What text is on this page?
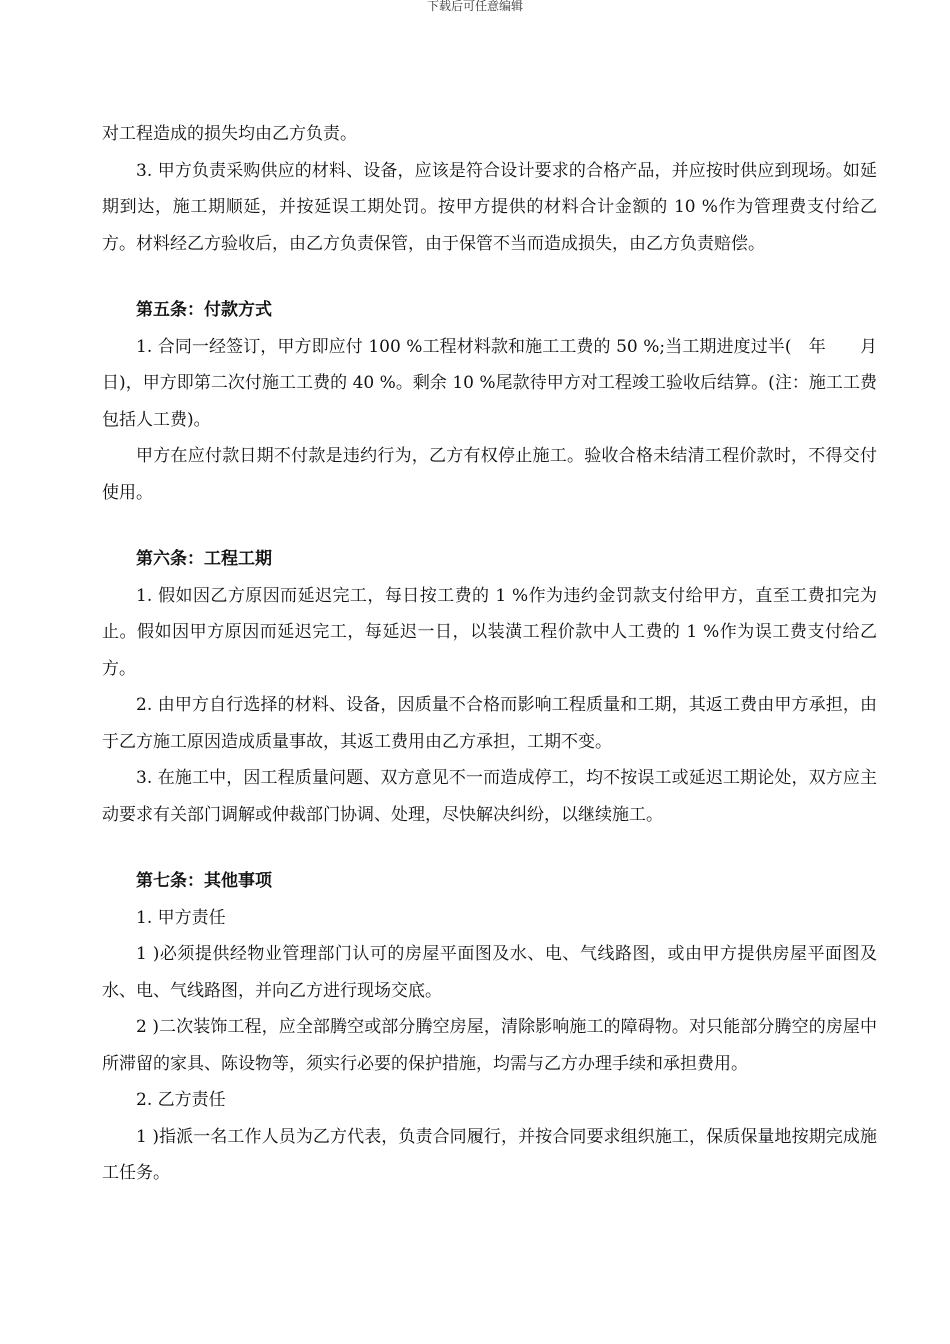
下载后可任意编辑

对工程造成的损失均由乙方负责。

3. 甲方负责采购供应的材料、设备，应该是符合设计要求的合格产品，并应按时供应到现场。如延期到达，施工期顺延，并按延误工期处罚。按甲方提供的材料合计金额的 10 %作为管理费支付给乙方。材料经乙方验收后，由乙方负责保管，由于保管不当而造成损失，由乙方负责赔偿。

第五条：付款方式

1. 合同一经签订，甲方即应付 100 %工程材料款和施工工费的 50 %;当工期进度过半(　年　　月　　日)，甲方即第二次付施工工费的 40 %。剩余 10 %尾款待甲方对工程竣工验收后结算。(注：施工工费包括人工费)。

甲方在应付款日期不付款是违约行为，乙方有权停止施工。验收合格未结清工程价款时，不得交付使用。

第六条：工程工期

1. 假如因乙方原因而延迟完工，每日按工费的 1 %作为违约金罚款支付给甲方，直至工费扣完为止。假如因甲方原因而延迟完工，每延迟一日，以装潢工程价款中人工费的 1 %作为误工费支付给乙方。

2. 由甲方自行选择的材料、设备，因质量不合格而影响工程质量和工期，其返工费由甲方承担，由于乙方施工原因造成质量事故，其返工费用由乙方承担，工期不变。

3. 在施工中，因工程质量问题、双方意见不一而造成停工，均不按误工或延迟工期论处，双方应主动要求有关部门调解或仲裁部门协调、处理，尽快解决纠纷，以继续施工。

第七条：其他事项

1. 甲方责任

1 )必须提供经物业管理部门认可的房屋平面图及水、电、气线路图，或由甲方提供房屋平面图及水、电、气线路图，并向乙方进行现场交底。

2 )二次装饰工程，应全部腾空或部分腾空房屋，清除影响施工的障碍物。对只能部分腾空的房屋中所滞留的家具、陈设物等，须实行必要的保护措施，均需与乙方办理手续和承担费用。

2. 乙方责任

1 )指派一名工作人员为乙方代表，负责合同履行，并按合同要求组织施工，保质保量地按期完成施工任务。
